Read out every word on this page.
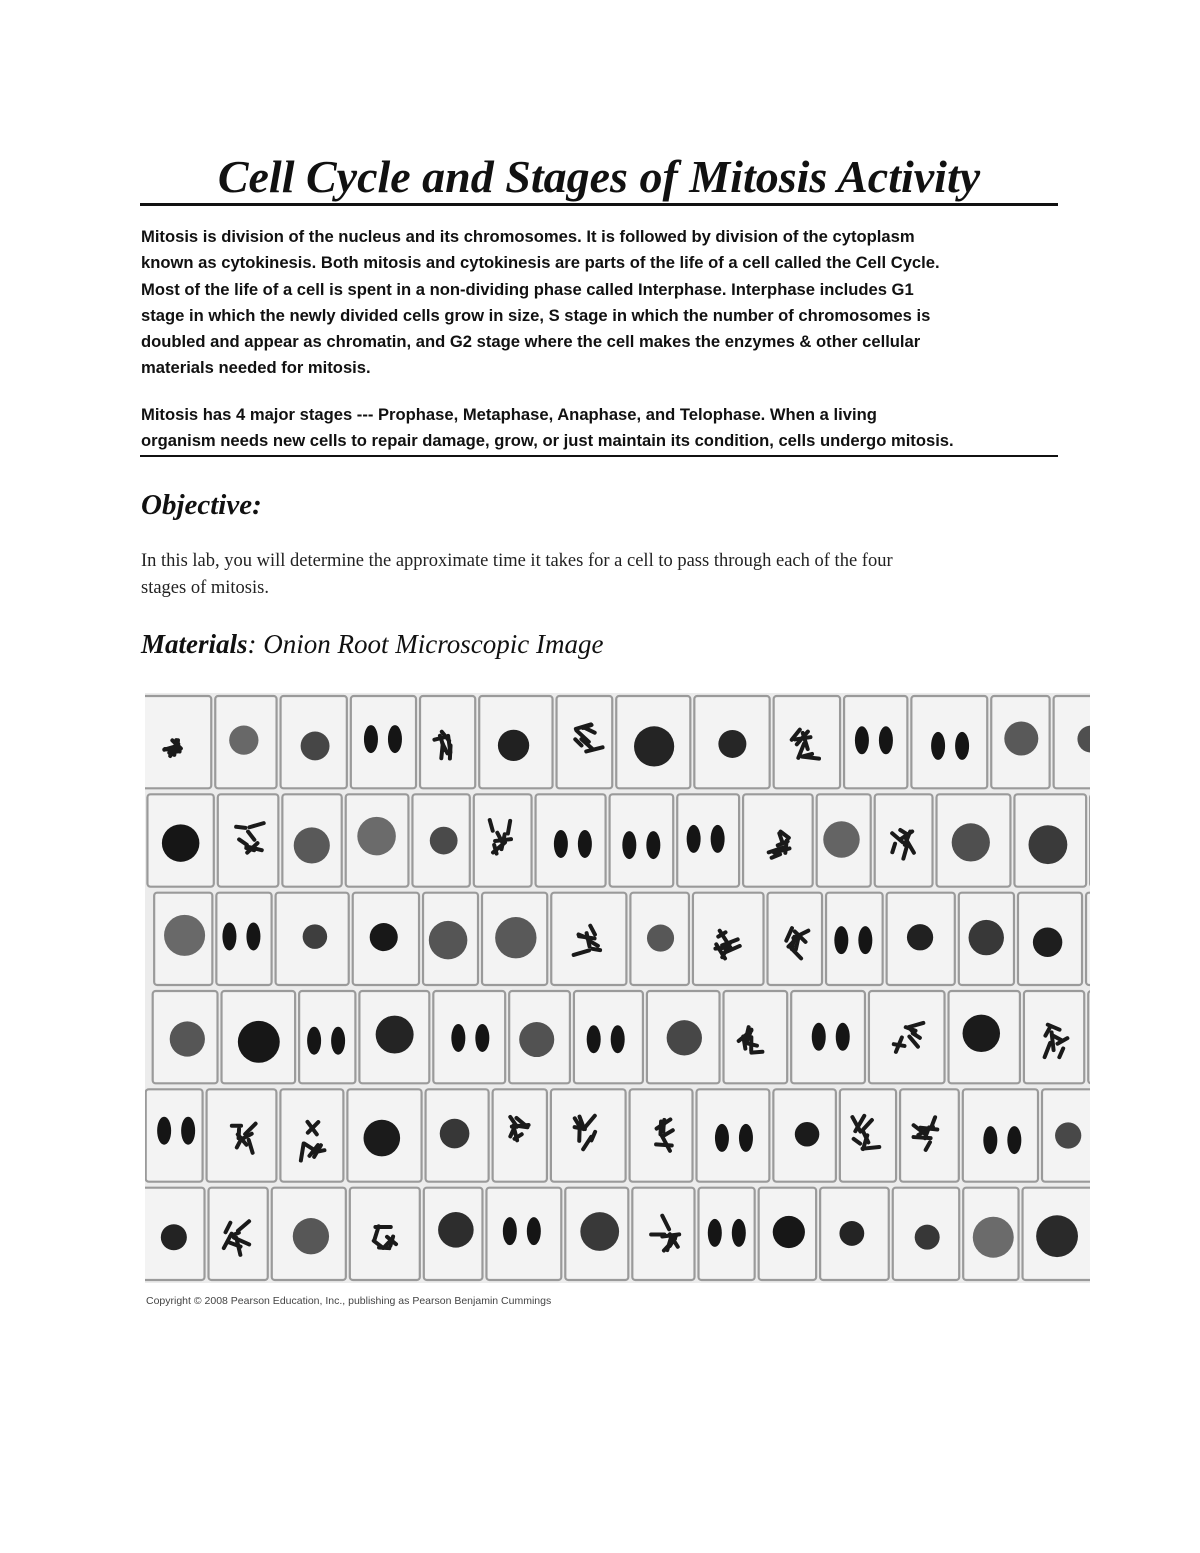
Cell Cycle and Stages of Mitosis Activity

Mitosis is division of the nucleus and its chromosomes. It is followed by division of the cytoplasm

known as cytokinesis. Both mitosis and cytokinesis are parts of the life of a cell called the Cell Cycle.

Most of the life of a cell is spent in a non-dividing phase called Interphase. Interphase includes G1

stage in which the newly divided cells grow in size, S stage in which the number of chromosomes is

doubled and appear as chromatin, and G2 stage where the cell makes the enzymes & other cellular

materials needed for mitosis.

Mitosis has 4 major stages --- Prophase, Metaphase, Anaphase, and Telophase. When a living

organism needs new cells to repair damage, grow, or just maintain its condition, cells undergo mitosis.

Objective:

In this lab, you will determine the approximate time it takes for a cell to pass through each of the four

stages of mitosis.

Materials: Onion Root Microscopic Image
Copyright © 2008 Pearson Education, Inc., publishing as Pearson Benjamin Cummings
